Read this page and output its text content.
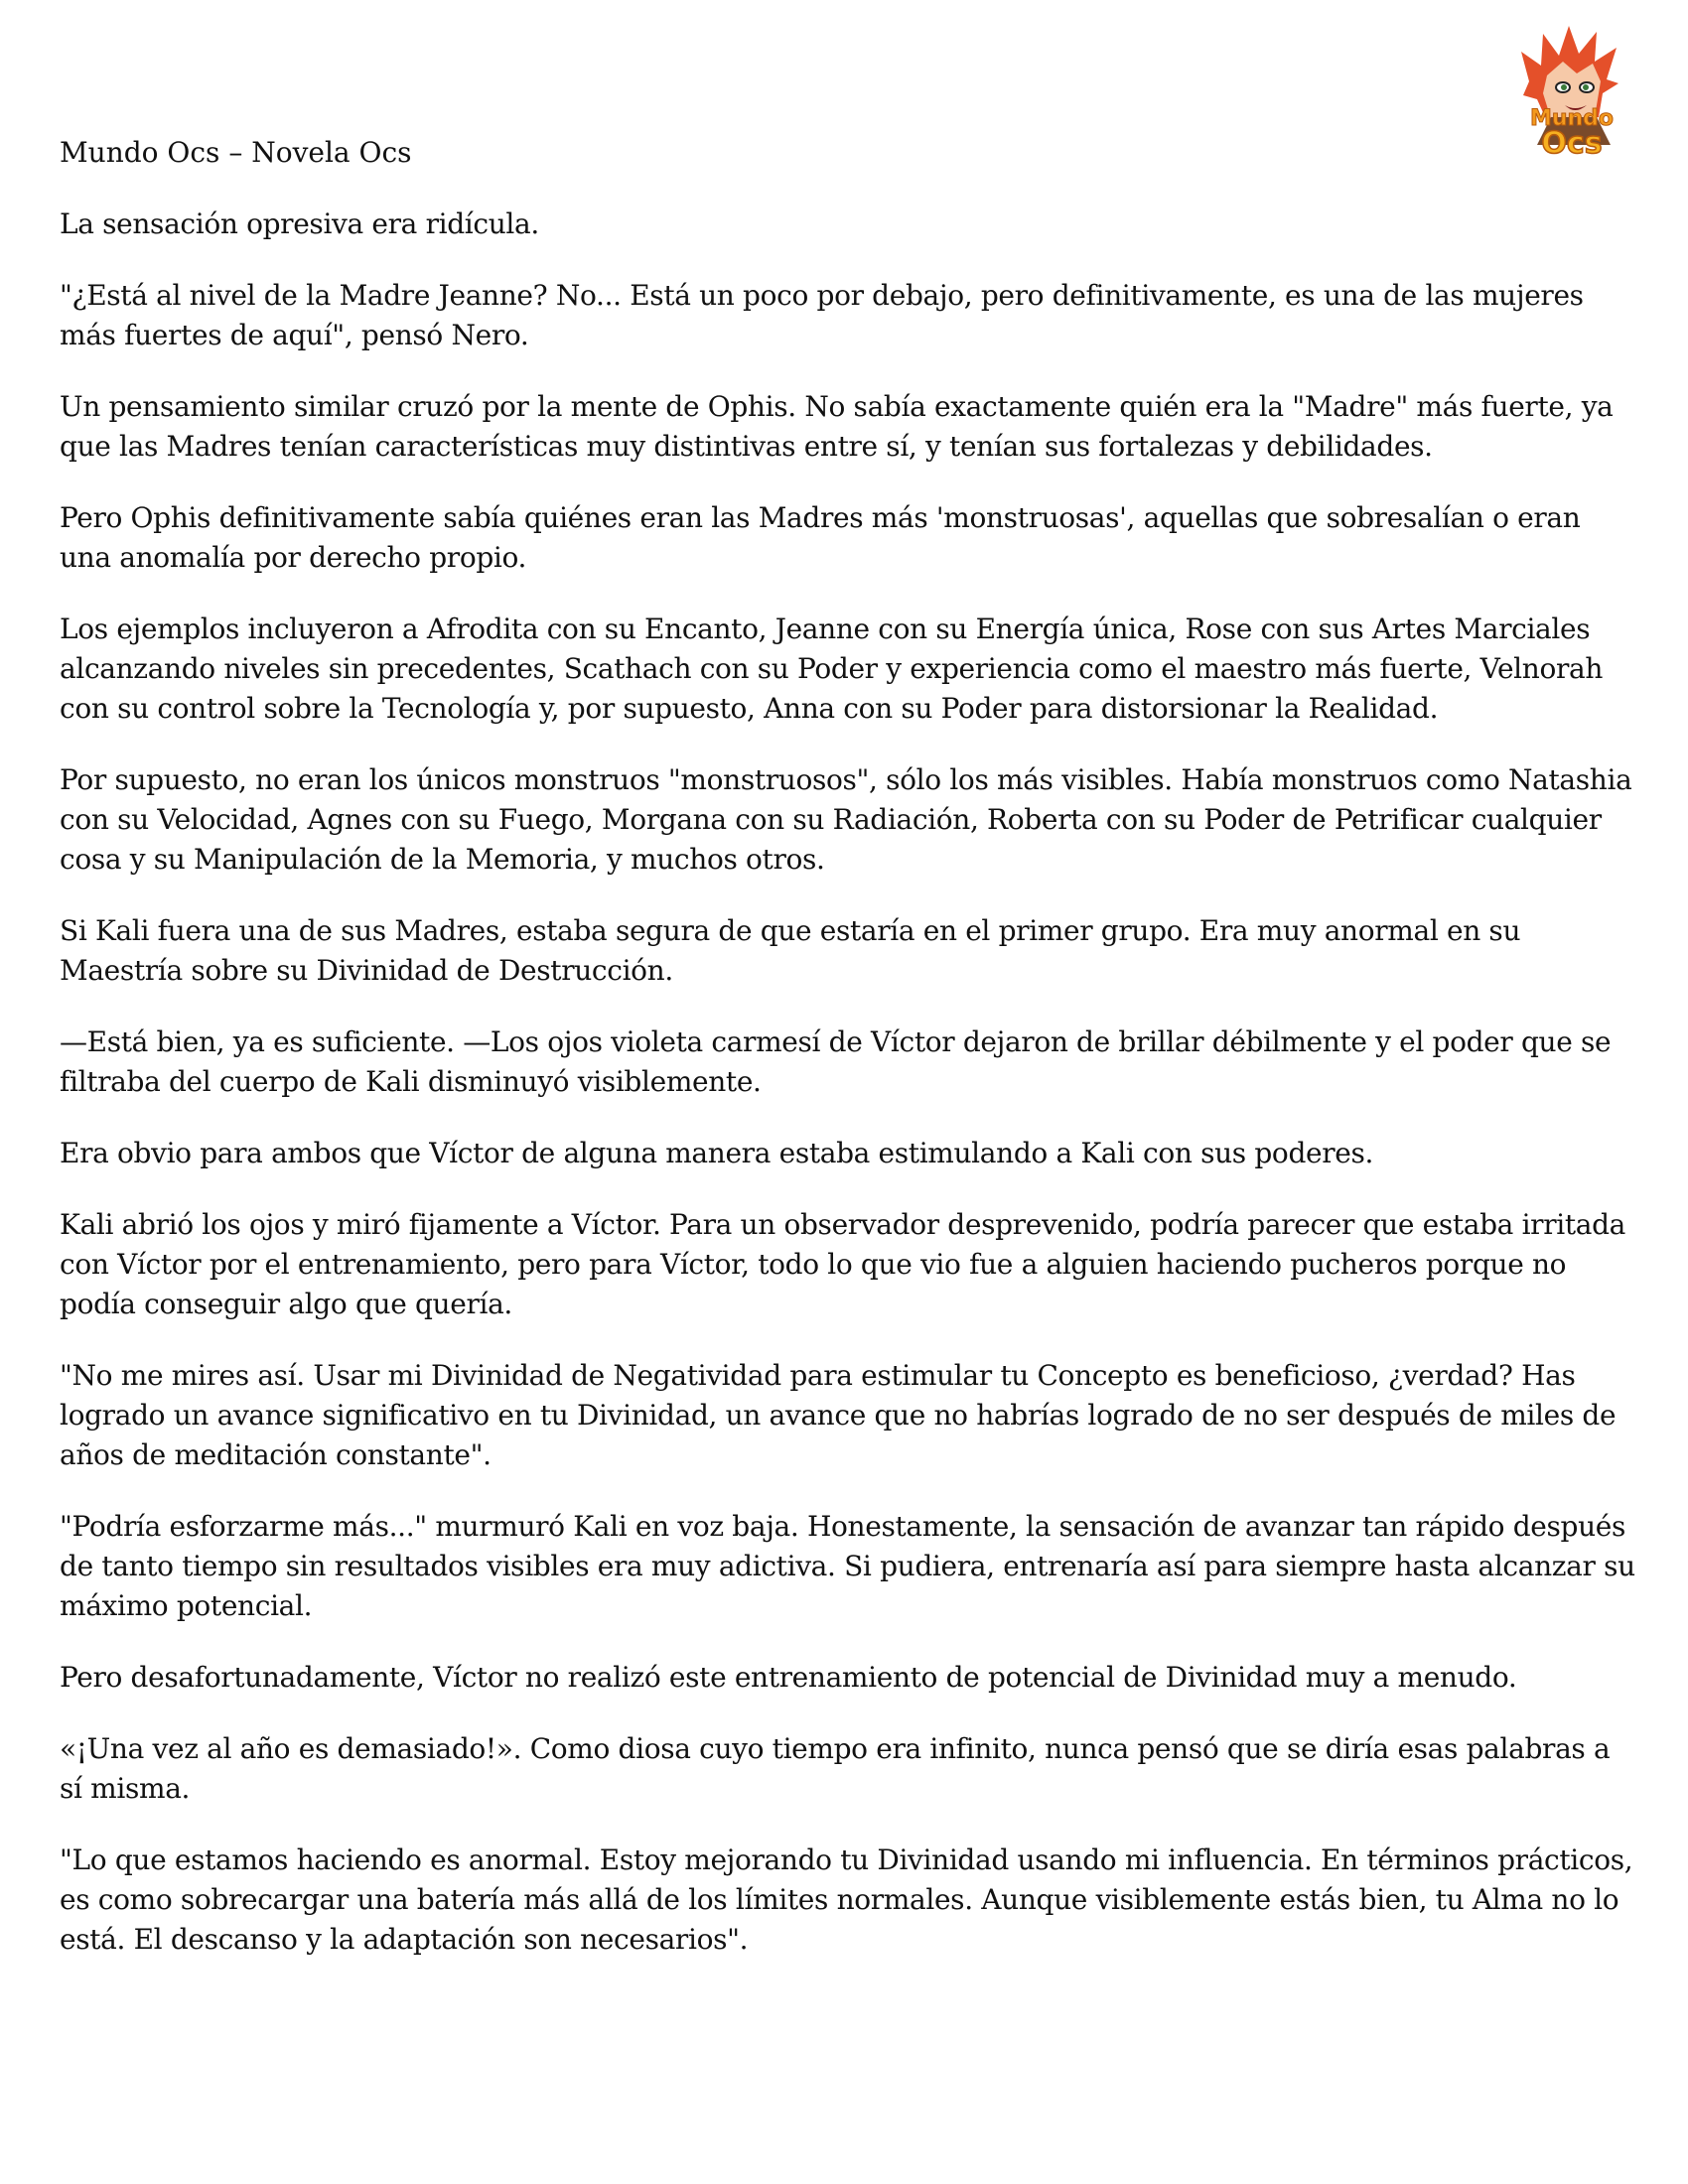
Mundo
Ocs

Mundo Ocs – Novela Ocs

La sensación opresiva era ridícula.

"¿Está al nivel de la Madre Jeanne? No... Está un poco por debajo, pero definitivamente, es una de las mujeres más fuertes de aquí", pensó Nero.

Un pensamiento similar cruzó por la mente de Ophis. No sabía exactamente quién era la "Madre" más fuerte, ya que las Madres tenían características muy distintivas entre sí, y tenían sus fortalezas y debilidades.

Pero Ophis definitivamente sabía quiénes eran las Madres más 'monstruosas', aquellas que sobresalían o eran una anomalía por derecho propio.

Los ejemplos incluyeron a Afrodita con su Encanto, Jeanne con su Energía única, Rose con sus Artes Marciales alcanzando niveles sin precedentes, Scathach con su Poder y experiencia como el maestro más fuerte, Velnorah con su control sobre la Tecnología y, por supuesto, Anna con su Poder para distorsionar la Realidad.

Por supuesto, no eran los únicos monstruos "monstruosos", sólo los más visibles. Había monstruos como Natashia con su Velocidad, Agnes con su Fuego, Morgana con su Radiación, Roberta con su Poder de Petrificar cualquier cosa y su Manipulación de la Memoria, y muchos otros.

Si Kali fuera una de sus Madres, estaba segura de que estaría en el primer grupo. Era muy anormal en su Maestría sobre su Divinidad de Destrucción.

—Está bien, ya es suficiente. —Los ojos violeta carmesí de Víctor dejaron de brillar débilmente y el poder que se filtraba del cuerpo de Kali disminuyó visiblemente.

Era obvio para ambos que Víctor de alguna manera estaba estimulando a Kali con sus poderes.

Kali abrió los ojos y miró fijamente a Víctor. Para un observador desprevenido, podría parecer que estaba irritada con Víctor por el entrenamiento, pero para Víctor, todo lo que vio fue a alguien haciendo pucheros porque no podía conseguir algo que quería.

"No me mires así. Usar mi Divinidad de Negatividad para estimular tu Concepto es beneficioso, ¿verdad? Has logrado un avance significativo en tu Divinidad, un avance que no habrías logrado de no ser después de miles de años de meditación constante".

"Podría esforzarme más..." murmuró Kali en voz baja. Honestamente, la sensación de avanzar tan rápido después de tanto tiempo sin resultados visibles era muy adictiva. Si pudiera, entrenaría así para siempre hasta alcanzar su máximo potencial.

Pero desafortunadamente, Víctor no realizó este entrenamiento de potencial de Divinidad muy a menudo.

«¡Una vez al año es demasiado!». Como diosa cuyo tiempo era infinito, nunca pensó que se diría esas palabras a sí misma.

"Lo que estamos haciendo es anormal. Estoy mejorando tu Divinidad usando mi influencia. En términos prácticos, es como sobrecargar una batería más allá de los límites normales. Aunque visiblemente estás bien, tu Alma no lo está. El descanso y la adaptación son necesarios".
